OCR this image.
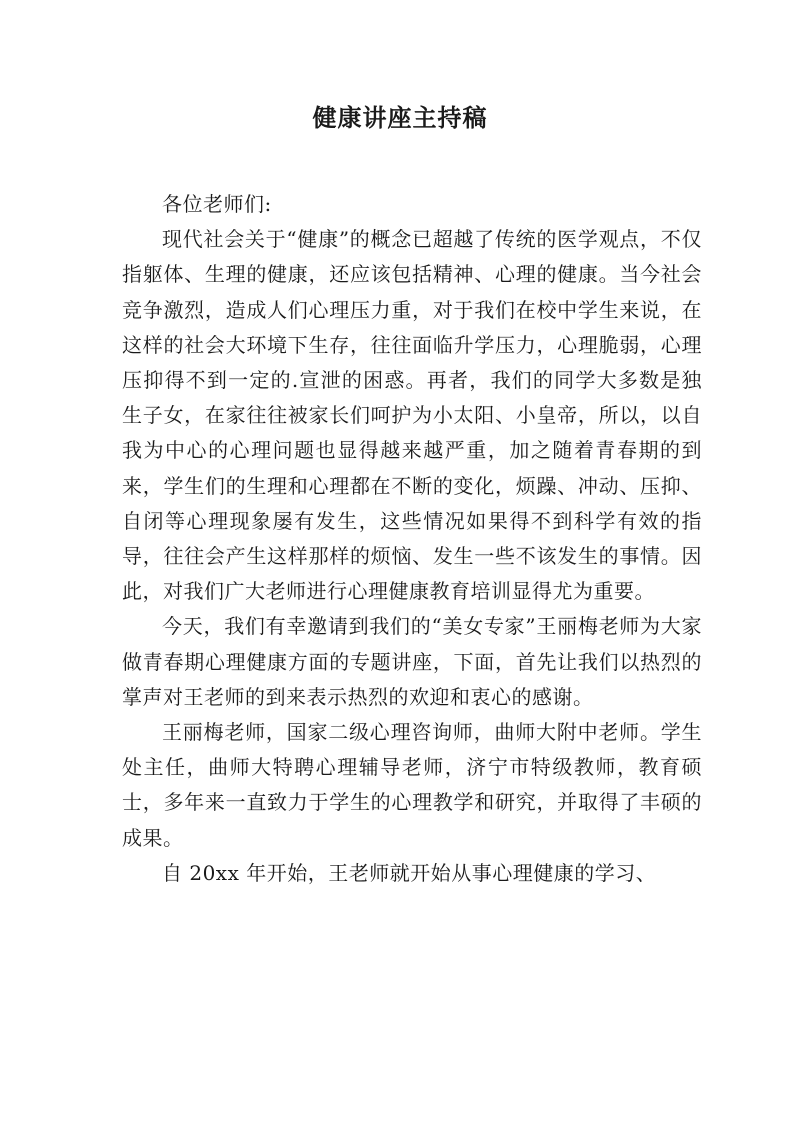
健康讲座主持稿

各位老师们:

现代社会关于“健康”的概念已超越了传统的医学观点，不仅指躯体、生理的健康，还应该包括精神、心理的健康。当今社会竞争激烈，造成人们心理压力重，对于我们在校中学生来说，在这样的社会大环境下生存，往往面临升学压力，心理脆弱，心理压抑得不到一定的.宣泄的困惑。再者，我们的同学大多数是独生子女，在家往往被家长们呵护为小太阳、小皇帝，所以，以自我为中心的心理问题也显得越来越严重，加之随着青春期的到来，学生们的生理和心理都在不断的变化，烦躁、冲动、压抑、自闭等心理现象屡有发生，这些情况如果得不到科学有效的指导，往往会产生这样那样的烦恼、发生一些不该发生的事情。因此，对我们广大老师进行心理健康教育培训显得尤为重要。

今天，我们有幸邀请到我们的“美女专家”王丽梅老师为大家做青春期心理健康方面的专题讲座，下面，首先让我们以热烈的掌声对王老师的到来表示热烈的欢迎和衷心的感谢。

王丽梅老师，国家二级心理咨询师，曲师大附中老师。学生处主任，曲师大特聘心理辅导老师，济宁市特级教师，教育硕士，多年来一直致力于学生的心理教学和研究，并取得了丰硕的成果。

自 20xx 年开始，王老师就开始从事心理健康的学习、
